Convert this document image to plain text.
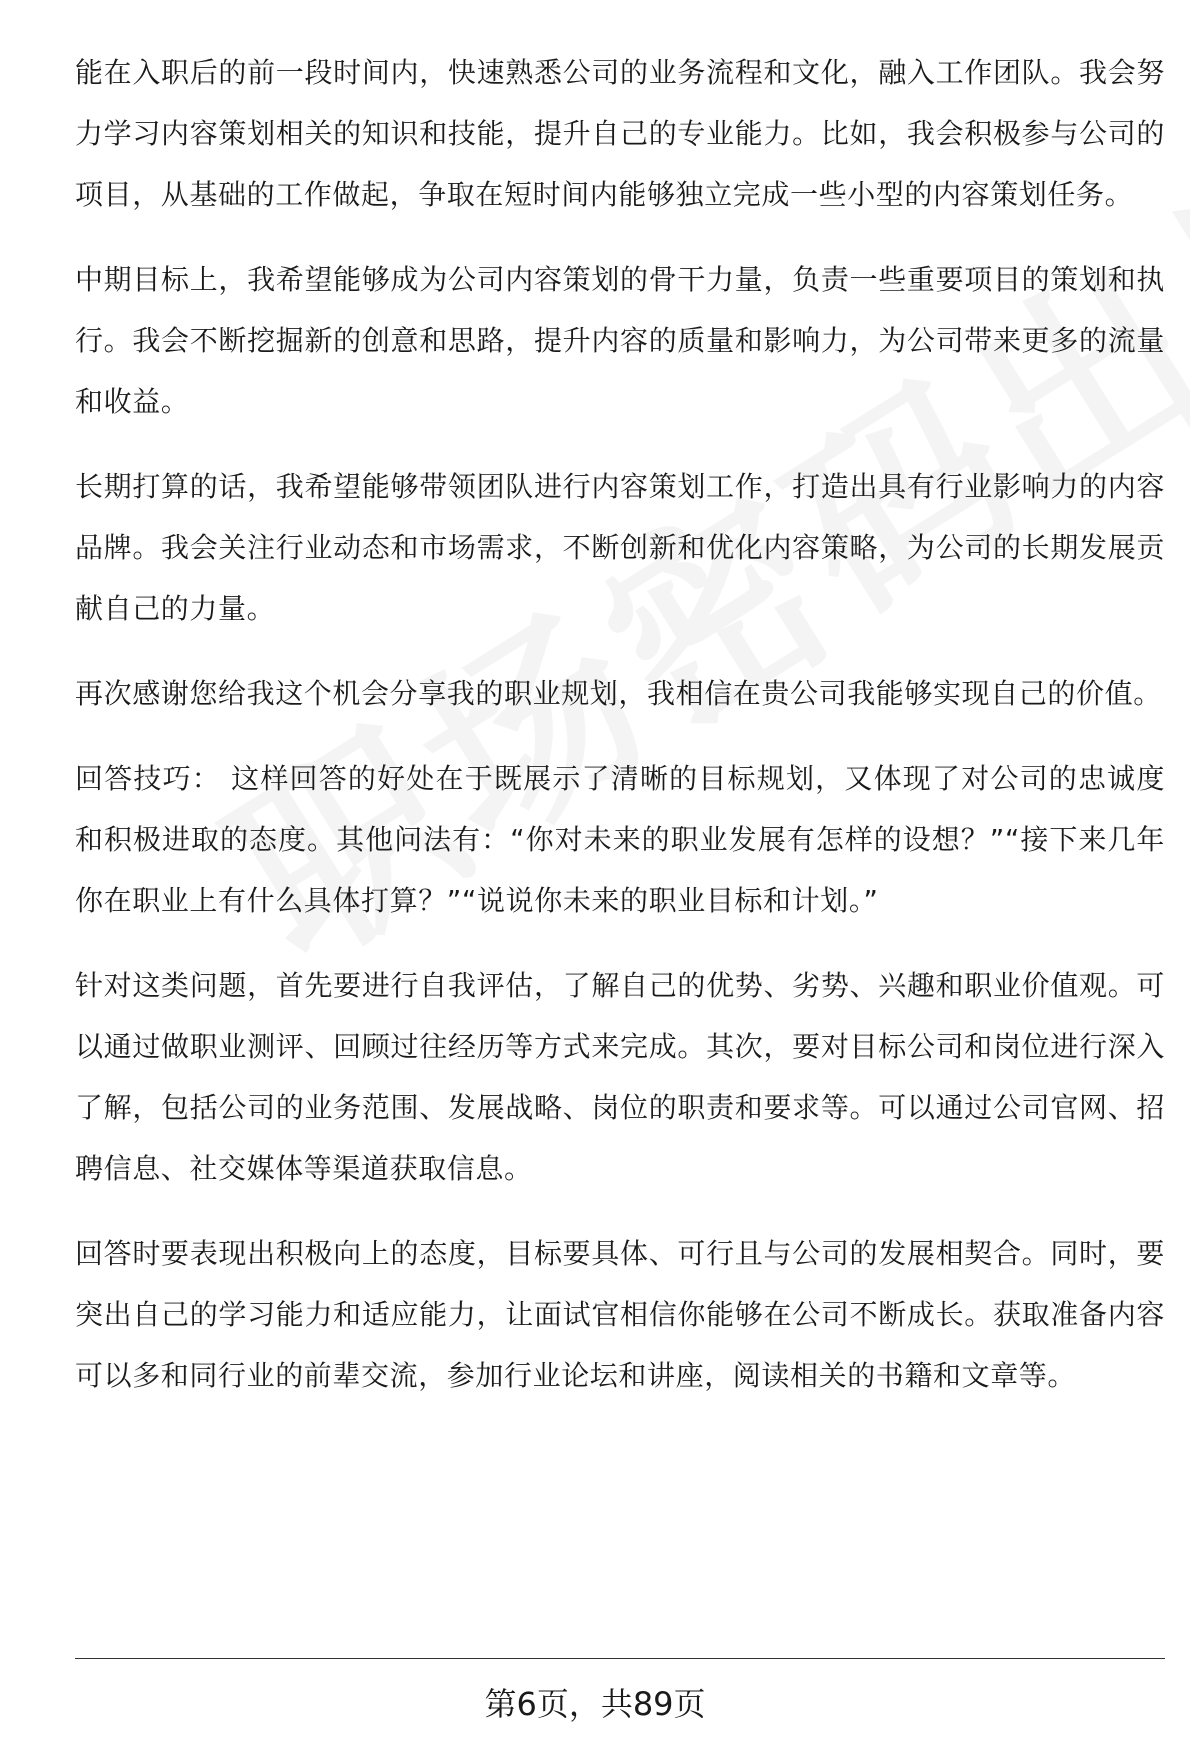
能在入职后的前一段时间内，快速熟悉公司的业务流程和文化，融入工作团队。我会努力学习内容策划相关的知识和技能，提升自己的专业能力。比如，我会积极参与公司的项目，从基础的工作做起，争取在短时间内能够独立完成一些小型的内容策划任务。

中期目标上，我希望能够成为公司内容策划的骨干力量，负责一些重要项目的策划和执行。我会不断挖掘新的创意和思路，提升内容的质量和影响力，为公司带来更多的流量和收益。

长期打算的话，我希望能够带领团队进行内容策划工作，打造出具有行业影响力的内容品牌。我会关注行业动态和市场需求，不断创新和优化内容策略，为公司的长期发展贡献自己的力量。

再次感谢您给我这个机会分享我的职业规划，我相信在贵公司我能够实现自己的价值。

回答技巧： 这样回答的好处在于既展示了清晰的目标规划，又体现了对公司的忠诚度和积极进取的态度。其他问法有：“你对未来的职业发展有怎样的设想？”“接下来几年你在职业上有什么具体打算？”“说说你未来的职业目标和计划。”

针对这类问题，首先要进行自我评估，了解自己的优势、劣势、兴趣和职业价值观。可以通过做职业测评、回顾过往经历等方式来完成。其次，要对目标公司和岗位进行深入了解，包括公司的业务范围、发展战略、岗位的职责和要求等。可以通过公司官网、招聘信息、社交媒体等渠道获取信息。

回答时要表现出积极向上的态度，目标要具体、可行且与公司的发展相契合。同时，要突出自己的学习能力和适应能力，让面试官相信你能够在公司不断成长。获取准备内容可以多和同行业的前辈交流，参加行业论坛和讲座，阅读相关的书籍和文章等。

第6页，共89页
